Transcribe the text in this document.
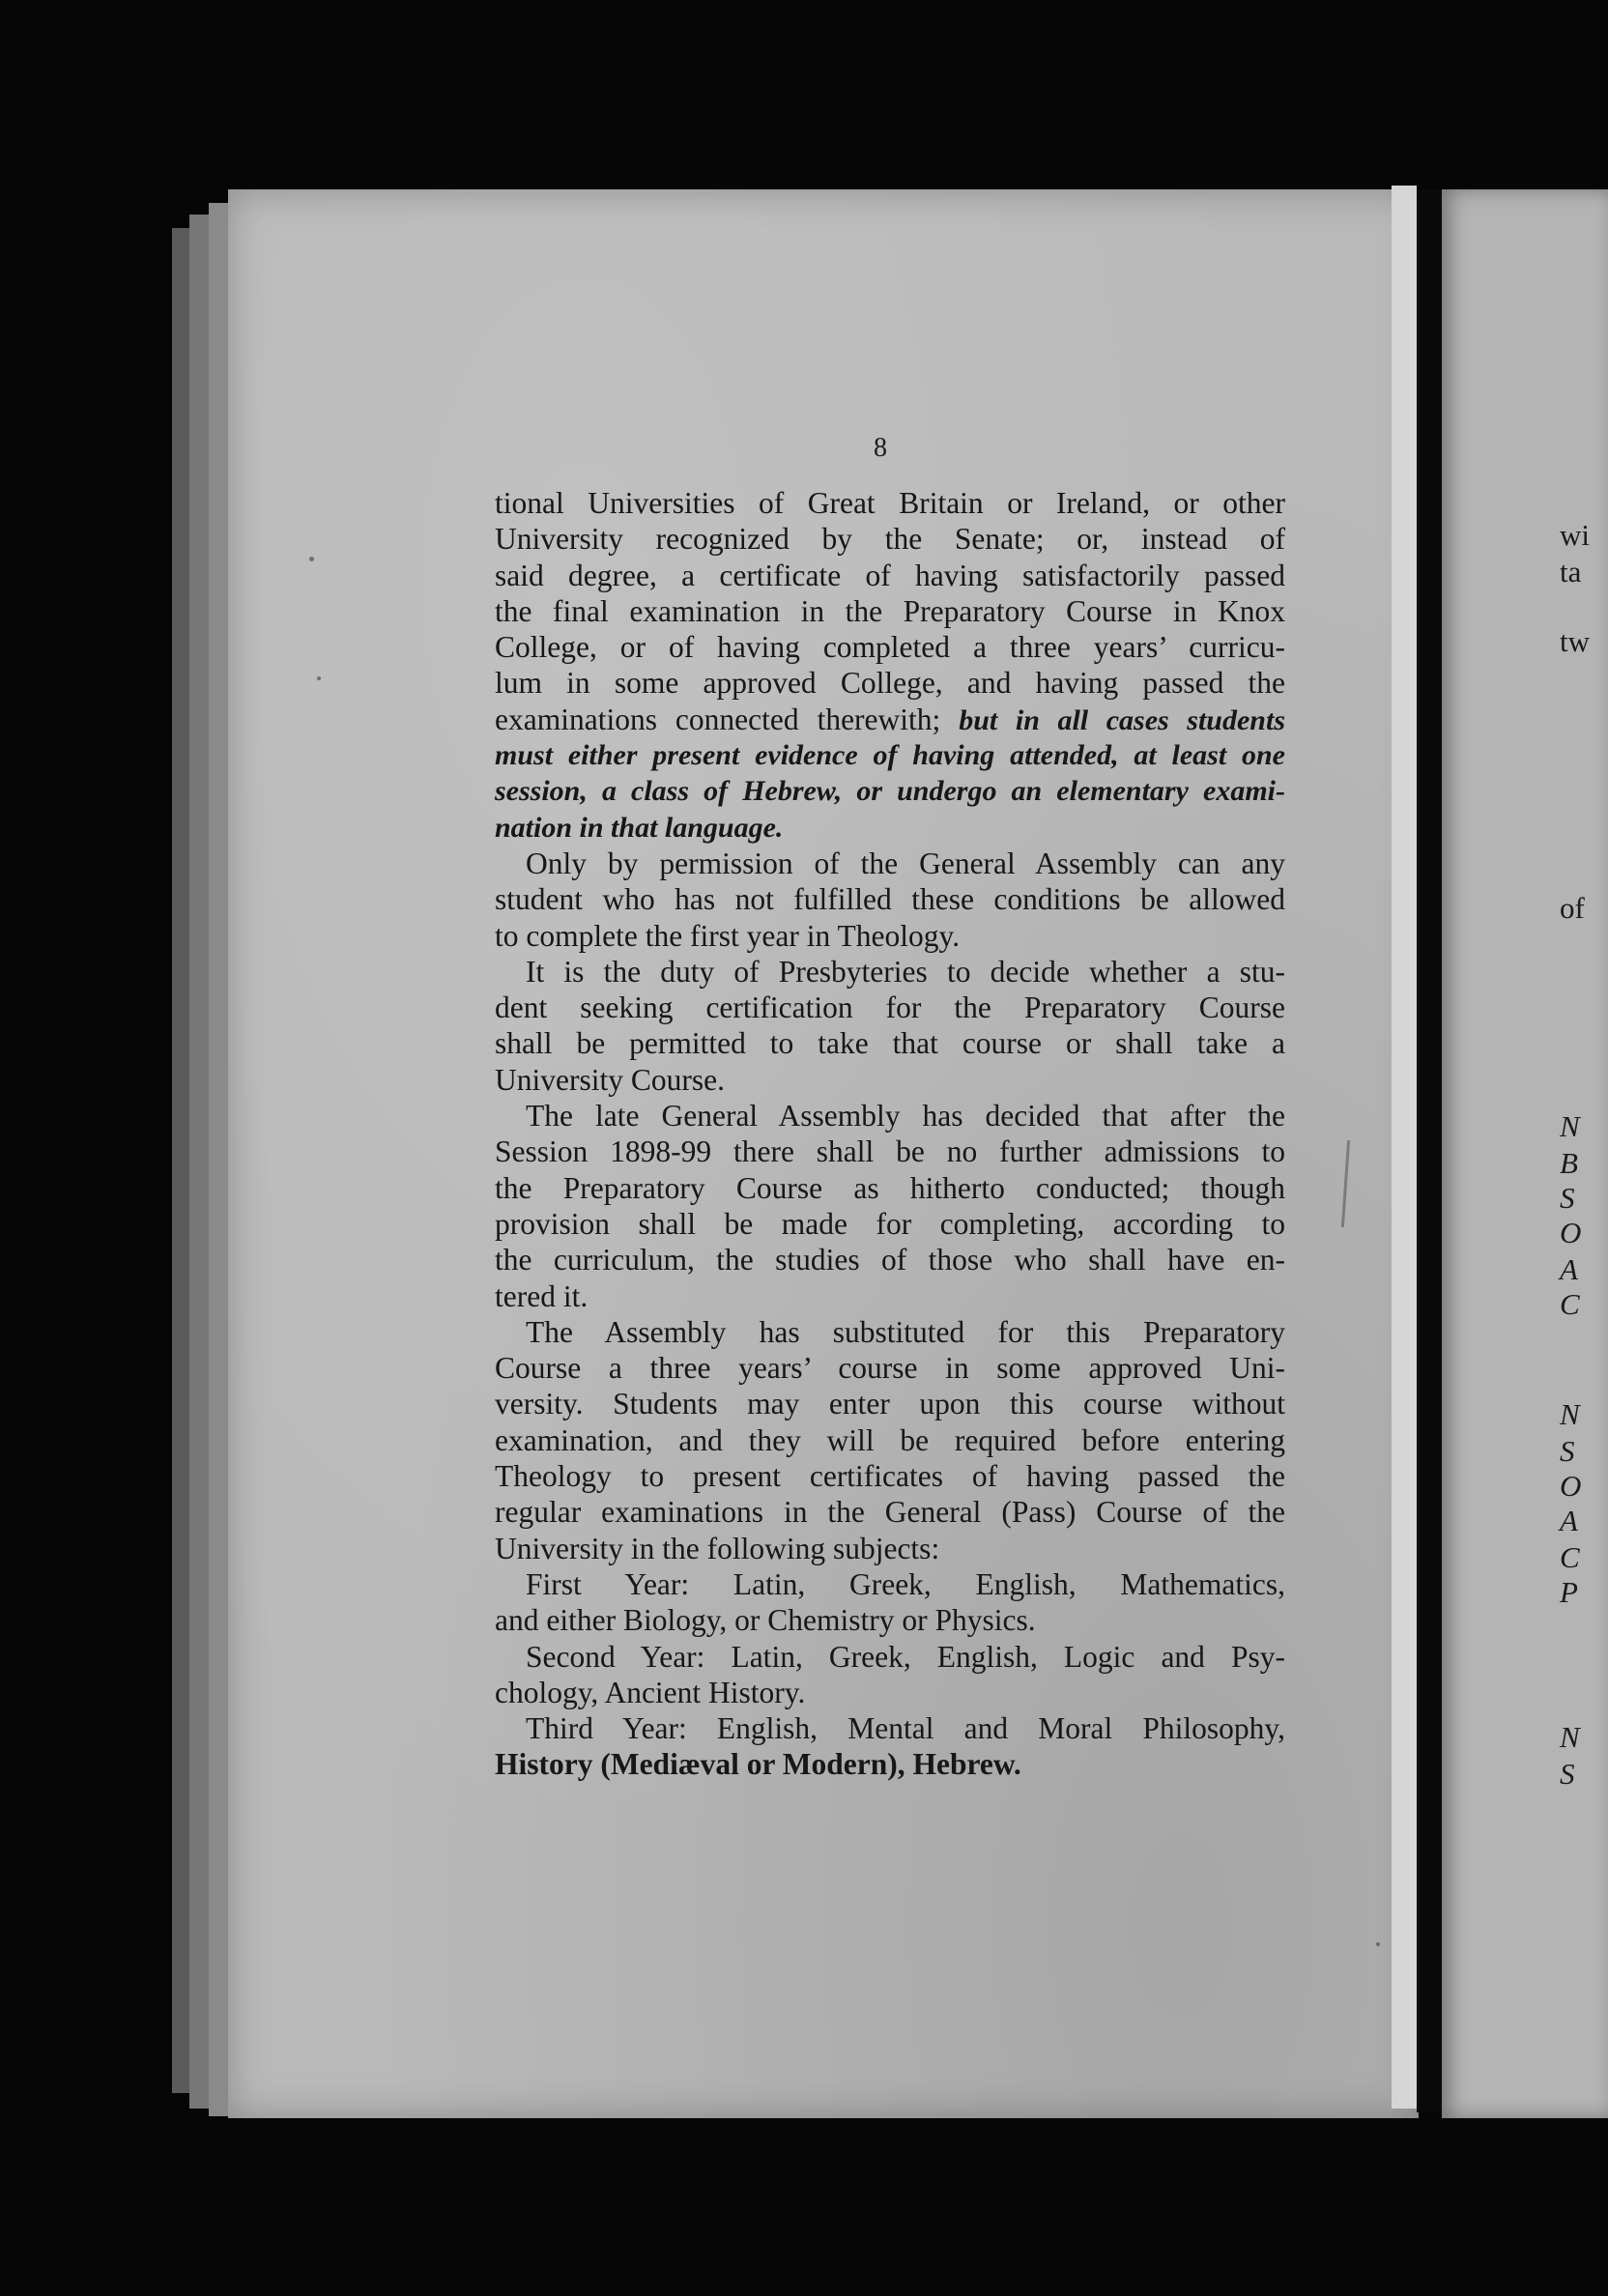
8
tional Universities of Great Britain or Ireland, or other
University recognized by the Senate; or, instead of
said degree, a certificate of having satisfactorily passed
the final examination in the Preparatory Course in Knox
College, or of having completed a three years’ curricu-
lum in some approved College, and having passed the
examinations connected therewith; but in all cases students
must either present evidence of having attended, at least one
session, a class of Hebrew, or undergo an elementary exami-
nation in that language.
Only by permission of the General Assembly can any
student who has not fulfilled these conditions be allowed
to complete the first year in Theology.
It is the duty of Presbyteries to decide whether a stu-
dent seeking certification for the Preparatory Course
shall be permitted to take that course or shall take a
University Course.
The late General Assembly has decided that after the
Session 1898-99 there shall be no further admissions to
the Preparatory Course as hitherto conducted; though
provision shall be made for completing, according to
the curriculum, the studies of those who shall have en-
tered it.
The Assembly has substituted for this Preparatory
Course a three years’ course in some approved Uni-
versity. Students may enter upon this course without
examination, and they will be required before entering
Theology to present certificates of having passed the
regular examinations in the General (Pass) Course of the
University in the following subjects:
First Year: Latin, Greek, English, Mathematics,
and either Biology, or Chemistry or Physics.
Second Year: Latin, Greek, English, Logic and Psy-
chology, Ancient History.
Third Year: English, Mental and Moral Philosophy,
History (Mediæval or Modern), Hebrew.
wi
ta
tw
of
N
B
S
O
A
C
N
S
O
A
C
P
N
S
